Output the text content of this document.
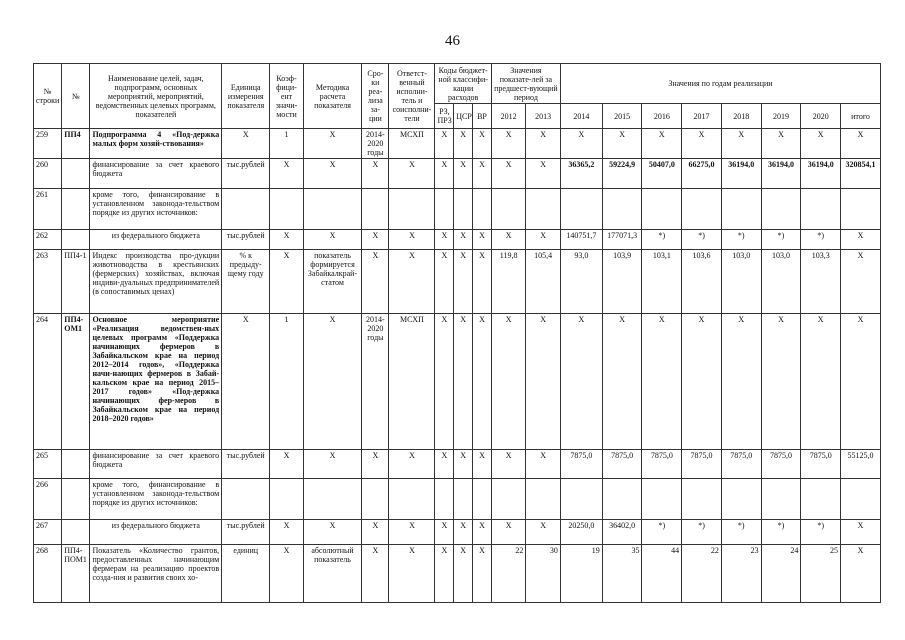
46
№ строки	№	Наименование целей, задач, подпрограмм, основных мероприятий, мероприятий, ведомственных целевых программ, показателей	Единица измерения показателя	Коэф-фици-ент значи-мости	Методика расчета показателя	Сро-ки реа-лиза за-ции	Ответст-венный исполни-тель и соисполни-тели	Коды бюджет-ной классифи-кации расходов			Значения показате-лей за предшест-вующий период		Значения по годам реализации							
								РЗ, ПРЗ	ЦСР	ВР	2012	2013	2014	2015	2016	2017	2018	2019	2020	итого
259	ПП4	Подпрограмма 4 «Под-держка малых форм хозяй-ствования»	X	1	X	2014-2020 годы	МСХП	X	X	X	X	X	X	X	X	X	X	X	X	X
260		финансирование за счет краевого бюджета	тыс.рублей	X	X	X	X	X	X	X	X	X	36365,2	59224,9	50407,0	66275,0	36194,0	36194,0	36194,0	320854,1
261		кроме того, финансирование в установленном законода-тельством порядке из других источников:																		
262		из федерального бюджета	тыс.рублей	X	X	X	X	X	X	X	X	X	140751,7	177071,3	*)	*)	*)	*)	*)	X
263	ПП4-1	Индекс производства про-дукции животноводства в крестьянских (фермерских) хозяйствах, включая индиви-дуальных предпринимателей (в сопоставимых ценах)	% к предыду-щему году	X	показатель формируется Забайкалкрай-статом	X	X	X	X	X	119,8	105,4	93,0	103,9	103,1	103,6	103,0	103,0	103,3	X
264	ПП4-ОМ1	Основное мероприятие «Реализация ведомствен-ных целевых программ «Поддержка начинающих фермеров в Забайкальском крае на период 2012–2014 годов», «Поддержка начи-нающих фермеров в Забай-кальском крае на период 2015–2017 годов» «Под-держка начинающих фер-меров в Забайкальском крае на период 2018–2020 годов»	X	1	X	2014-2020 годы	МСХП	X	X	X	X	X	X	X	X	X	X	X	X	X
265		финансирование за счет краевого бюджета	тыс.рублей	X	X	X	X	X	X	X	X	X	7875,0	7875,0	7875,0	7875,0	7875,0	7875,0	7875,0	55125,0
266		кроме того, финансирование в установленном законода-тельством порядке из других источников:																		
267		из федерального бюджета	тыс.рублей	X	X	X	X	X	X	X	X	X	20250,0	36402,0	*)	*)	*)	*)	*)	X
268	ПП4-ПОМ1	Показатель «Количество грантов, предоставленных начинающим фермерам на реализацию проектов созда-ния и развития своих хо-	единиц	X	абсолютный показатель	X	X	X	X	X	22	30	19	35	44	22	23	24	25	X
